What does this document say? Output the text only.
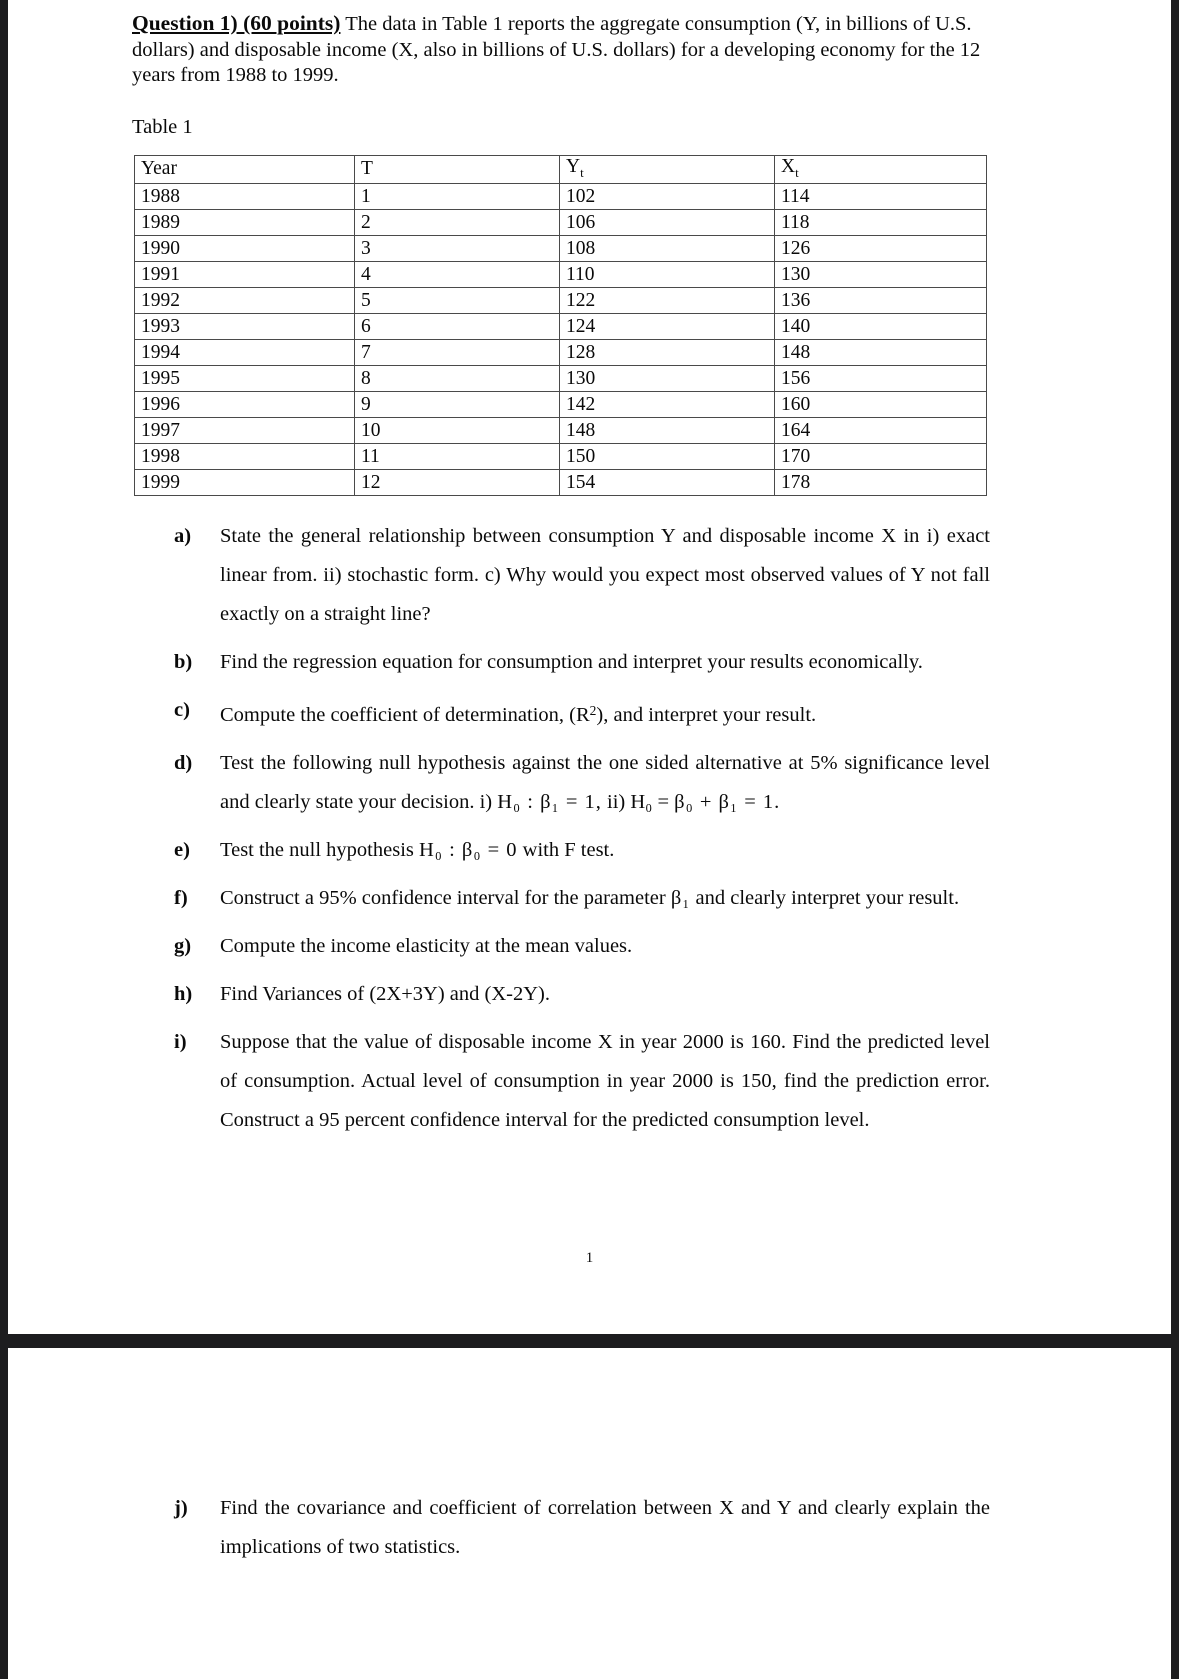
Question 1) (60 points) The data in Table 1 reports the aggregate consumption (Y, in billions of U.S. dollars) and disposable income (X, also in billions of U.S. dollars) for a developing economy for the 12 years from 1988 to 1999.

Table 1

Year	T	$Y_t$	$X_t$
1988	1	102	114
1989	2	106	118
1990	3	108	126
1991	4	110	130
1992	5	122	136
1993	6	124	140
1994	7	128	148
1995	8	130	156
1996	9	142	160
1997	10	148	164
1998	11	150	170
1999	12	154	178
a) State the general relationship between consumption Y and disposable income X in i) exact linear from. ii) stochastic form. c) Why would you expect most observed values of Y not fall exactly on a straight line?
b) Find the regression equation for consumption and interpret your results economically.
c) Compute the coefficient of determination, $(R^2)$, and interpret your result.
d) Test the following null hypothesis against the one sided alternative at 5% significance level and clearly state your decision. i) H₀ : β₁ = 1, ii) H₀ = β₀ + β₁ = 1.
e) Test the null hypothesis H₀ : β₀ = 0 with F test.
f) Construct a 95% confidence interval for the parameter β₁ and clearly interpret your result.
g) Compute the income elasticity at the mean values.
h) Find Variances of (2X+3Y) and (X-2Y).
i) Suppose that the value of disposable income X in year 2000 is 160. Find the predicted level of consumption. Actual level of consumption in year 2000 is 150, find the prediction error. Construct a 95 percent confidence interval for the predicted consumption level.
1
j) Find the covariance and coefficient of correlation between X and Y and clearly explain the implications of two statistics.
